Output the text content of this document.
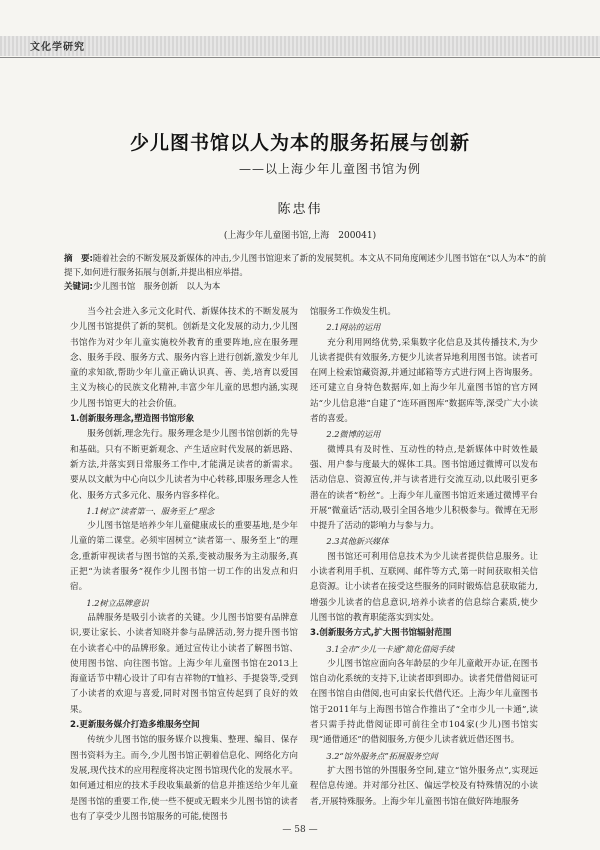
文化学研究
少儿图书馆以人为本的服务拓展与创新
——以上海少年儿童图书馆为例
陈忠伟
(上海少年儿童图书馆,上海　200041)
摘　要:随着社会的不断发展及新媒体的冲击,少儿图书馆迎来了新的发展契机。本文从不同角度阐述少儿图书馆在“以人为本”的前提下,如何进行服务拓展与创新,并提出相应举措。
关键词:少儿图书馆　服务创新　以人为本

当今社会进入多元文化时代、新媒体技术的不断发展为少儿图书馆提供了新的契机。创新是文化发展的动力,少儿图书馆作为对少年儿童实施校外教育的重要阵地,应在服务理念、服务手段、服务方式、服务内容上进行创新,激发少年儿童的求知欲,帮助少年儿童正确认识真、善、美,培育以爱国主义为核心的民族文化精神,丰富少年儿童的思想内涵,实现少儿图书馆更大的社会价值。

1.创新服务理念,塑造图书馆形象

服务创新,理念先行。服务理念是少儿图书馆创新的先导和基础。只有不断更新观念、产生适应时代发展的新思路、新方法,并落实到日常服务工作中,才能满足读者的新需求。要从以文献为中心向以少儿读者为中心转移,即服务理念人性化、服务方式多元化、服务内容多样化。

1.1树立“读者第一、服务至上”理念

少儿图书馆是培养少年儿童健康成长的重要基地,是少年儿童的第二课堂。必须牢固树立“读者第一、服务至上”的理念,重新审视读者与图书馆的关系,变被动服务为主动服务,真正把“为读者服务”视作少儿图书馆一切工作的出发点和归宿。

1.2树立品牌意识

品牌服务是吸引小读者的关键。少儿图书馆要有品牌意识,要让家长、小读者知晓并参与品牌活动,努力提升图书馆在小读者心中的品牌形象。通过宣传让小读者了解图书馆、使用图书馆、向往图书馆。上海少年儿童图书馆在2013上海童话节中精心设计了印有吉祥物的T恤衫、手提袋等,受到了小读者的欢迎与喜爱,同时对图书馆宣传起到了良好的效果。

2.更新服务媒介打造多维服务空间

传统少儿图书馆的服务媒介以搜集、整理、编目、保存图书资料为主。而今,少儿图书馆正朝着信息化、网络化方向发展,现代技术的应用程度将决定图书馆现代化的发展水平。如何通过相应的技术手段收集最新的信息并推送给少年儿童是图书馆的重要工作,使一些不便或无暇来少儿图书馆的读者也有了享受少儿图书馆服务的可能,使图书

馆服务工作焕发生机。

2.1网站的运用

充分利用网络优势,采集数字化信息及其传播技术,为少儿读者提供有效服务,方便少儿读者异地利用图书馆。读者可在网上检索馆藏资源,并通过邮箱等方式进行网上咨询服务。还可建立自身特色数据库,如上海少年儿童图书馆的官方网站“少儿信息港”自建了“连环画图库”数据库等,深受广大小读者的喜爱。

2.2微博的运用

微博具有及时性、互动性的特点,是新媒体中时效性最强、用户参与度最大的媒体工具。图书馆通过微博可以发布活动信息、资源宣传,并与读者进行交流互动,以此吸引更多潜在的读者“粉丝”。上海少年儿童图书馆近来通过微博平台开展“微童话”活动,吸引全国各地少儿积极参与。微博在无形中提升了活动的影响力与参与力。

2.3其他新兴媒体

图书馆还可利用信息技术为少儿读者提供信息服务。让小读者利用手机、互联网、邮件等方式,第一时间获取相关信息资源。让小读者在接受这些服务的同时锻炼信息获取能力,增强少儿读者的信息意识,培养小读者的信息综合素质,使少儿图书馆的教育职能落实到实处。

3.创新服务方式,扩大图书馆辐射范围
3.1全市“少儿一卡通”简化借阅手续

少儿图书馆应面向各年龄层的少年儿童敞开办证,在图书馆自动化系统的支持下,让读者即到即办。读者凭借借阅证可在图书馆自由借阅,也可由家长代借代还。上海少年儿童图书馆于2011年与上海图书馆合作推出了“全市少儿一卡通”,读者只需手持此借阅证即可前往全市104家(少儿)图书馆实现“通借通还”的借阅服务,方便少儿读者就近借还图书。

3.2“馆外服务点”拓展服务空间

扩大图书馆的外围服务空间,建立“馆外服务点”,实现远程信息传递。并对部分社区、偏远学校及有特殊情况的小读者,开展特殊服务。上海少年儿童图书馆在做好阵地服务

— 58 —
